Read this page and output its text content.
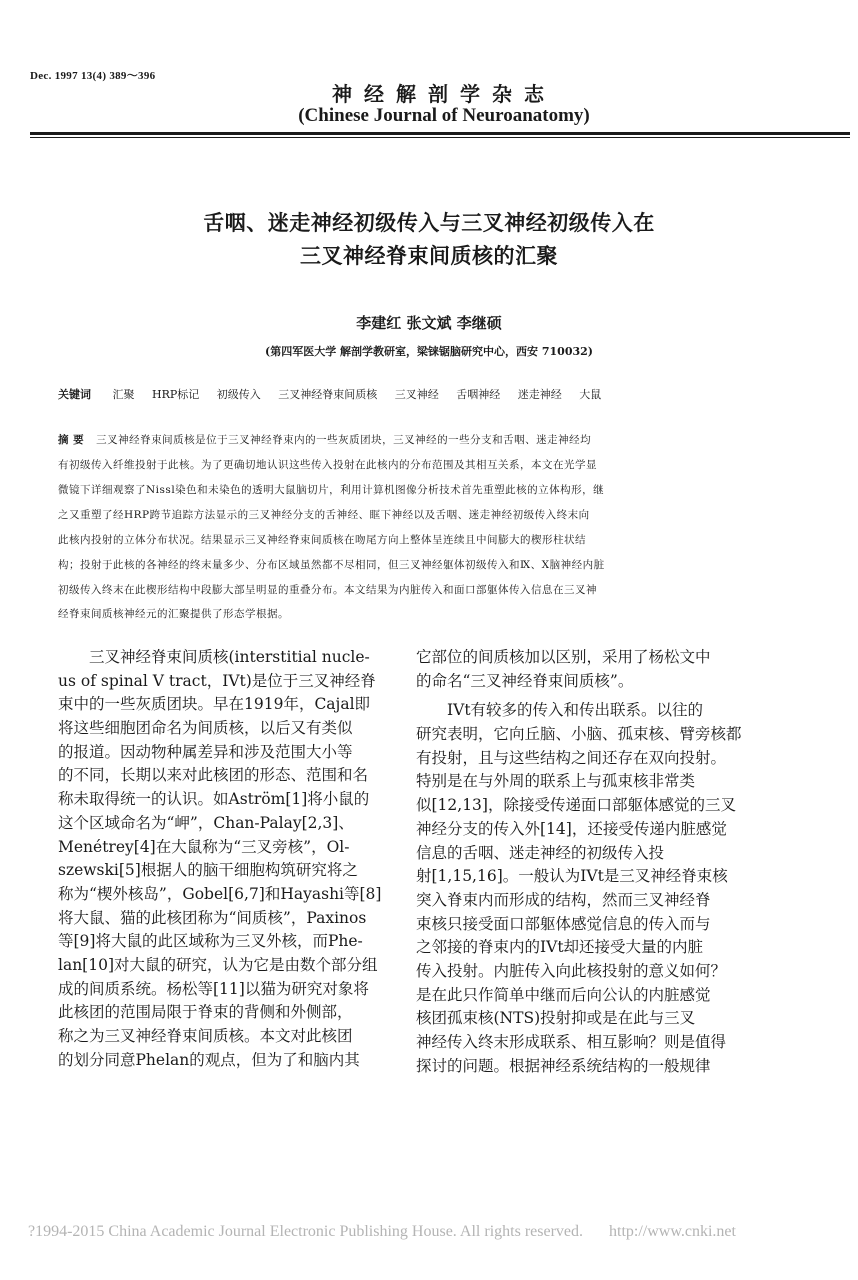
Dec. 1997 13(4) 389～396
神经解剖学杂志
(Chinese Journal of Neuroanatomy)
舌咽、迷走神经初级传入与三叉神经初级传入在
三叉神经脊束间质核的汇聚
李建红 张文斌 李继硕
(第四军医大学 解剖学教研室，梁铼锯脑研究中心，西安 710032)
关键词 汇聚 HRP标记 初级传入 三叉神经脊束间质核 三叉神经 舌咽神经 迷走神经 大鼠
摘 要 三叉神经脊束间质核是位于三叉神经脊束内的一些灰质团块，三叉神经的一些分支和舌咽、迷走神经均
有初级传入纤维投射于此核。为了更确切地认识这些传入投射在此核内的分布范围及其相互关系，本文在光学显
微镜下详细观察了Nissl染色和未染色的透明大鼠脑切片，利用计算机图像分析技术首先重塑此核的立体构形，继
之又重塑了经HRP跨节追踪方法显示的三叉神经分支的舌神经、眶下神经以及舌咽、迷走神经初级传入终末向
此核内投射的立体分布状况。结果显示三叉神经脊束间质核在吻尾方向上整体呈连续且中间膨大的楔形柱状结
构；投射于此核的各神经的终末量多少、分布区域虽然都不尽相同，但三叉神经躯体初级传入和Ⅸ、Ⅹ脑神经内脏
初级传入终末在此楔形结构中段膨大部呈明显的重叠分布。本文结果为内脏传入和面口部躯体传入信息在三叉神
经脊束间质核神经元的汇聚提供了形态学根据。
　　三叉神经脊束间质核(interstitial nucle-
us of spinal V tract，IVt)是位于三叉神经脊
束中的一些灰质团块。早在1919年，Cajal即
将这些细胞团命名为间质核，以后又有类似
的报道。因动物种属差异和涉及范围大小等
的不同，长期以来对此核团的形态、范围和名
称未取得统一的认识。如Aström[1]将小鼠的
这个区域命名为“岬”，Chan-Palay[2,3]、
Menétrey[4]在大鼠称为“三叉旁核”，Ol-
szewski[5]根据人的脑干细胞构筑研究将之
称为“楔外核岛”，Gobel[6,7]和Hayashi等[8]
将大鼠、猫的此核团称为“间质核”，Paxinos
等[9]将大鼠的此区域称为三叉外核，而Phe-
lan[10]对大鼠的研究，认为它是由数个部分组
成的间质系统。杨松等[11]以猫为研究对象将
此核团的范围局限于脊束的背侧和外侧部，
称之为三叉神经脊束间质核。本文对此核团
的划分同意Phelan的观点，但为了和脑内其
它部位的间质核加以区别，采用了杨松文中
的命名“三叉神经脊束间质核”。
　　IVt有较多的传入和传出联系。以往的
研究表明，它向丘脑、小脑、孤束核、臂旁核都
有投射，且与这些结构之间还存在双向投射。
特别是在与外周的联系上与孤束核非常类
似[12,13]，除接受传递面口部躯体感觉的三叉
神经分支的传入外[14]，还接受传递内脏感觉
信息的舌咽、迷走神经的初级传入投
射[1,15,16]。一般认为IVt是三叉神经脊束核
突入脊束内而形成的结构，然而三叉神经脊
束核只接受面口部躯体感觉信息的传入而与
之邻接的脊束内的IVt却还接受大量的内脏
传入投射。内脏传入向此核投射的意义如何？
是在此只作简单中继而后向公认的内脏感觉
核团孤束核(NTS)投射抑或是在此与三叉
神经传入终末形成联系、相互影响？则是值得
探讨的问题。根据神经系统结构的一般规律
?1994-2015 China Academic Journal Electronic Publishing House. All rights reserved. http://www.cnki.net
